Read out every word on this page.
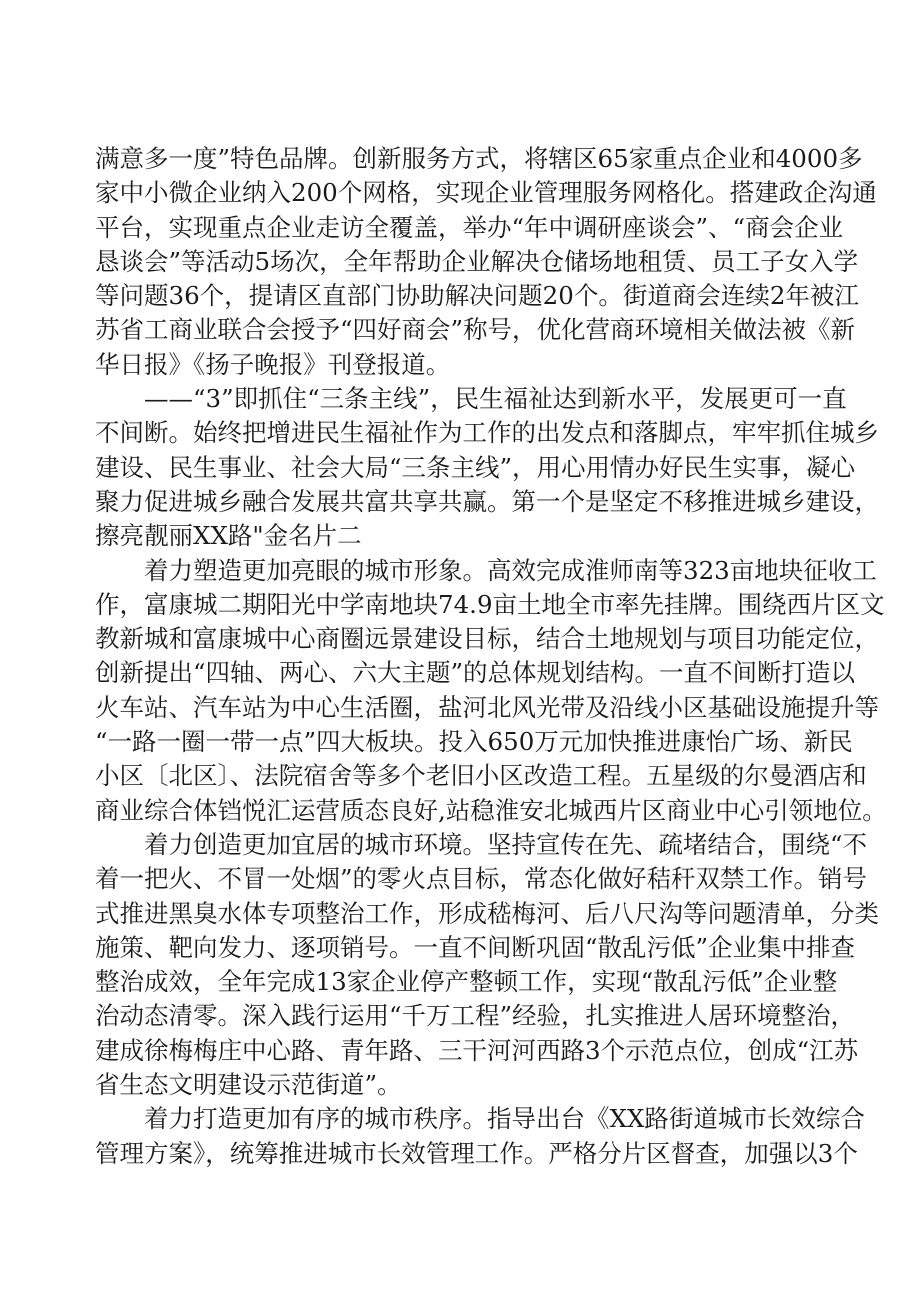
满意多一度”特色品牌。创新服务方式，将辖区65家重点企业和4000多
家中小微企业纳入200个网格，实现企业管理服务网格化。搭建政企沟通
平台，实现重点企业走访全覆盖，举办“年中调研座谈会”、“商会企业
恳谈会”等活动5场次，全年帮助企业解决仓储场地租赁、员工子女入学
等问题36个，提请区直部门协助解决问题20个。街道商会连续2年被江
苏省工商业联合会授予“四好商会”称号，优化营商环境相关做法被《新
华日报》《扬子晚报》刊登报道。
——“3”即抓住“三条主线”，民生福祉达到新水平，发展更可一直
不间断。始终把增进民生福祉作为工作的出发点和落脚点，牢牢抓住城乡
建设、民生事业、社会大局“三条主线”，用心用情办好民生实事，凝心
聚力促进城乡融合发展共富共享共赢。第一个是坚定不移推进城乡建设，
擦亮靓丽XX路"金名片二
着力塑造更加亮眼的城市形象。高效完成淮师南等323亩地块征收工
作，富康城二期阳光中学南地块74.9亩土地全市率先挂牌。围绕西片区文
教新城和富康城中心商圈远景建设目标，结合土地规划与项目功能定位，
创新提出“四轴、两心、六大主题”的总体规划结构。一直不间断打造以
火车站、汽车站为中心生活圈，盐河北风光带及沿线小区基础设施提升等
“一路一圈一带一点”四大板块。投入650万元加快推进康怡广场、新民
小区〔北区〕、法院宿舍等多个老旧小区改造工程。五星级的尔曼酒店和
商业综合体铛悦汇运营质态良好,站稳淮安北城西片区商业中心引领地位。
着力创造更加宜居的城市环境。坚持宣传在先、疏堵结合，围绕“不
着一把火、不冒一处烟”的零火点目标，常态化做好秸秆双禁工作。销号
式推进黑臭水体专项整治工作，形成嵇梅河、后八尺沟等问题清单，分类
施策、靶向发力、逐项销号。一直不间断巩固“散乱污低”企业集中排查
整治成效，全年完成13家企业停产整顿工作，实现“散乱污低”企业整
治动态清零。深入践行运用“千万工程”经验，扎实推进人居环境整治，
建成徐梅梅庄中心路、青年路、三干河河西路3个示范点位，创成“江苏
省生态文明建设示范街道”。
着力打造更加有序的城市秩序。指导出台《XX路街道城市长效综合
管理方案》，统筹推进城市长效管理工作。严格分片区督查，加强以3个
